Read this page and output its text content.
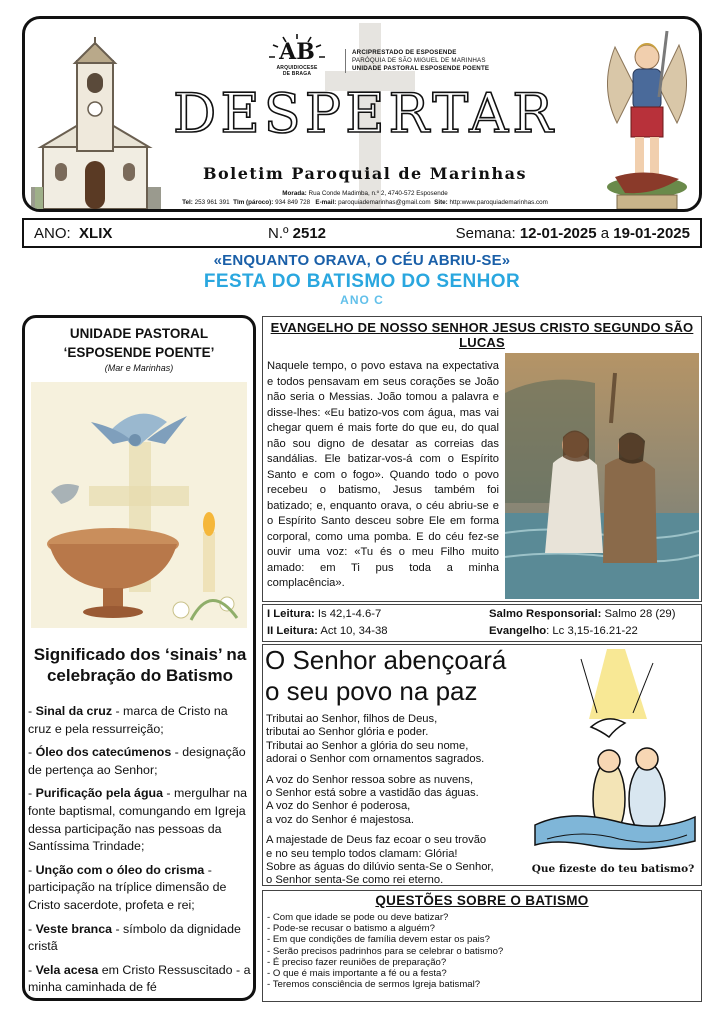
AB
ARQUIDIOCESE
DE BRAGA
ARCIPRESTADO DE ESPOSENDE
PARÓQUIA DE SÃO MIGUEL DE MARINHAS
UNIDADE PASTORAL ESPOSENDE POENTE
DESPERTAR
Boletim Paroquial de Marinhas
Morada: Rua Conde Madimba, n.º 2, 4740-572 Esposende
Tel: 253 961 391 Tlm (pároco): 934 849 728 E-mail: paroquiademarinhas@gmail.com Site: http:www.paroquiademarinhas.com
ANO: XLIX	N.º 2512	Semana: 12-01-2025 a 19-01-2025
«ENQUANTO ORAVA, O CÉU ABRIU-SE»
FESTA DO BATISMO DO SENHOR
ANO C
UNIDADE PASTORAL
‘ESPOSENDE POENTE’
(Mar e Marinhas)
Significado dos ‘sinais’ na celebração do Batismo

- Sinal da cruz - marca de Cristo na cruz e pela ressurreição;

- Óleo dos catecúmenos - designação de pertença ao Senhor;

- Purificação pela água - mergulhar na fonte baptismal, comungando em Igreja dessa participação nas pessoas da Santíssima Trindade;

- Unção com o óleo do crisma - participação na tríplice dimensão de Cristo sacerdote, profeta e rei;

- Veste branca - símbolo da dignidade cristã

- Vela acesa em Cristo Ressuscitado - a minha caminhada de fé

EVANGELHO DE NOSSO SENHOR JESUS CRISTO SEGUNDO SÃO LUCAS
Naquele tempo, o povo estava na expectativa e todos pensavam em seus corações se João não seria o Messias. João tomou a palavra e disse-lhes: «Eu batizo-vos com água, mas vai chegar quem é mais forte do que eu, do qual não sou digno de desatar as correias das sandálias. Ele batizar-vos-á com o Espírito Santo e com o fogo». Quando todo o povo recebeu o batismo, Jesus também foi batizado; e, enquanto orava, o céu abriu-se e o Espírito Santo desceu sobre Ele em forma corporal, como uma pomba. E do céu fez-se ouvir uma voz: «Tu és o meu Filho muito amado: em Ti pus toda a minha complacência».
I Leitura: Is 42,1-4.6-7
II Leitura: Act 10, 34-38
Salmo Responsorial: Salmo 28 (29)
Evangelho: Lc 3,15-16.21-22
O Senhor abençoará
o seu povo na paz

Tributai ao Senhor, filhos de Deus,
tributai ao Senhor glória e poder.
Tributai ao Senhor a glória do seu nome,
adorai o Senhor com ornamentos sagrados.

A voz do Senhor ressoa sobre as nuvens,
o Senhor está sobre a vastidão das águas.
A voz do Senhor é poderosa,
a voz do Senhor é majestosa.

A majestade de Deus faz ecoar o seu trovão
e no seu templo todos clamam: Glória!
Sobre as águas do dilúvio senta-Se o Senhor,
o Senhor senta-Se como rei eterno.

Que fizeste do teu batismo?
QUESTÕES SOBRE O BATISMO
- Com que idade se pode ou deve batizar?
- Pode-se recusar o batismo a alguém?
- Em que condições de família devem estar os pais?
- Serão precisos padrinhos para se celebrar o batismo?
- É preciso fazer reuniões de preparação?
- O que é mais importante a fé ou a festa?
- Teremos consciência de sermos Igreja batismal?
